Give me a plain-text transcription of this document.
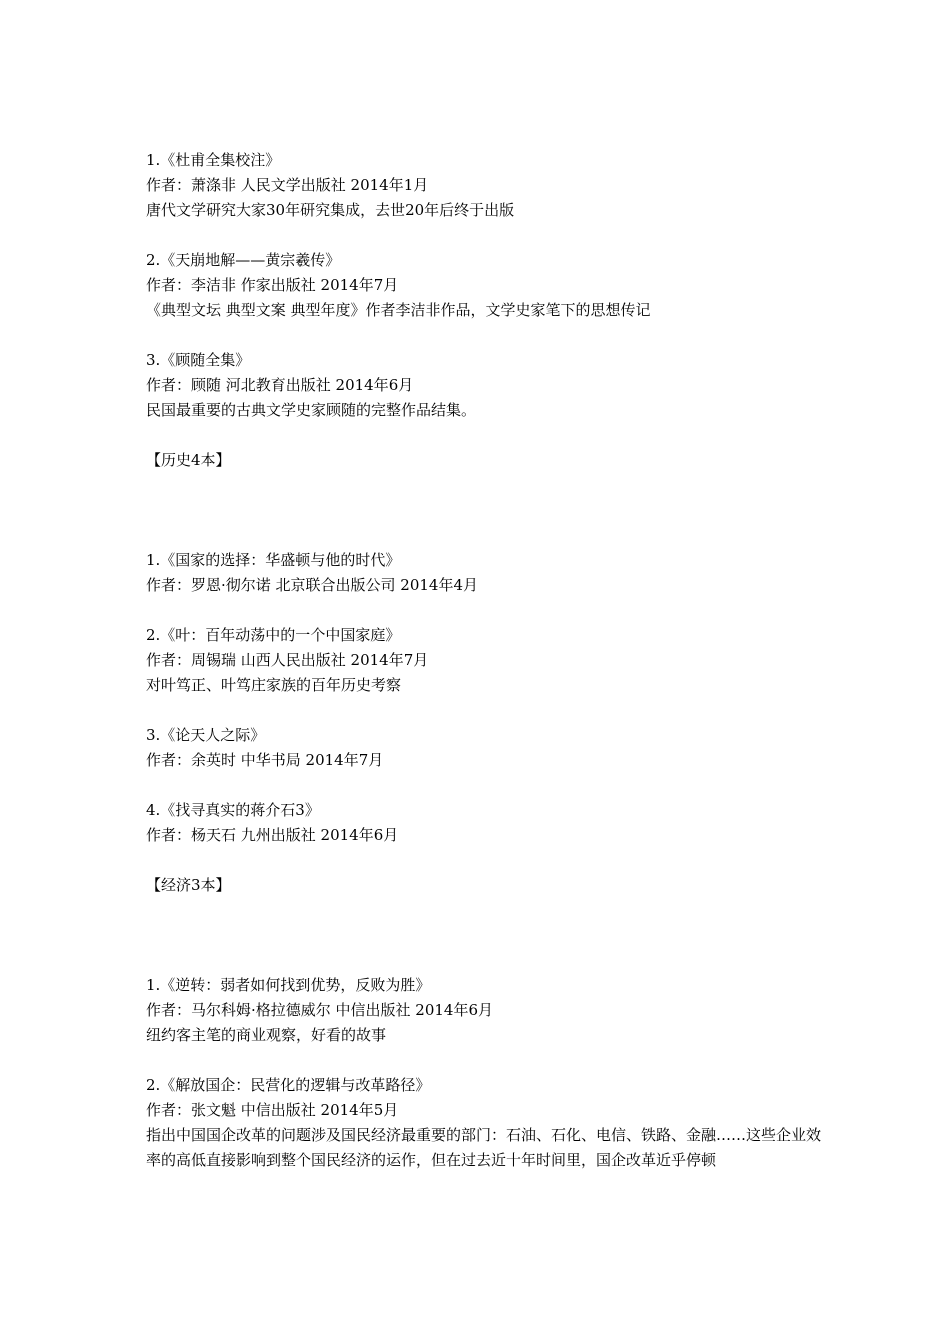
1.《杜甫全集校注》
作者：萧涤非 人民文学出版社 2014年1月
唐代文学研究大家30年研究集成，去世20年后终于出版
2.《天崩地解——黄宗羲传》
作者：李洁非 作家出版社 2014年7月
《典型文坛 典型文案 典型年度》作者李洁非作品，文学史家笔下的思想传记
3.《顾随全集》
作者：顾随 河北教育出版社 2014年6月
民国最重要的古典文学史家顾随的完整作品结集。
【历史4本】
1.《国家的选择：华盛顿与他的时代》
作者：罗恩·彻尔诺 北京联合出版公司 2014年4月
2.《叶：百年动荡中的一个中国家庭》
作者：周锡瑞 山西人民出版社 2014年7月
对叶笃正、叶笃庄家族的百年历史考察
3.《论天人之际》
作者：余英时 中华书局 2014年7月
4.《找寻真实的蒋介石3》
作者：杨天石 九州出版社 2014年6月
【经济3本】
1.《逆转：弱者如何找到优势，反败为胜》
作者：马尔科姆·格拉德威尔 中信出版社 2014年6月
纽约客主笔的商业观察，好看的故事
2.《解放国企：民营化的逻辑与改革路径》
作者：张文魁 中信出版社 2014年5月
指出中国国企改革的问题涉及国民经济最重要的部门：石油、石化、电信、铁路、金融……这些企业效率的高低直接影响到整个国民经济的运作，但在过去近十年时间里，国企改革近乎停顿
